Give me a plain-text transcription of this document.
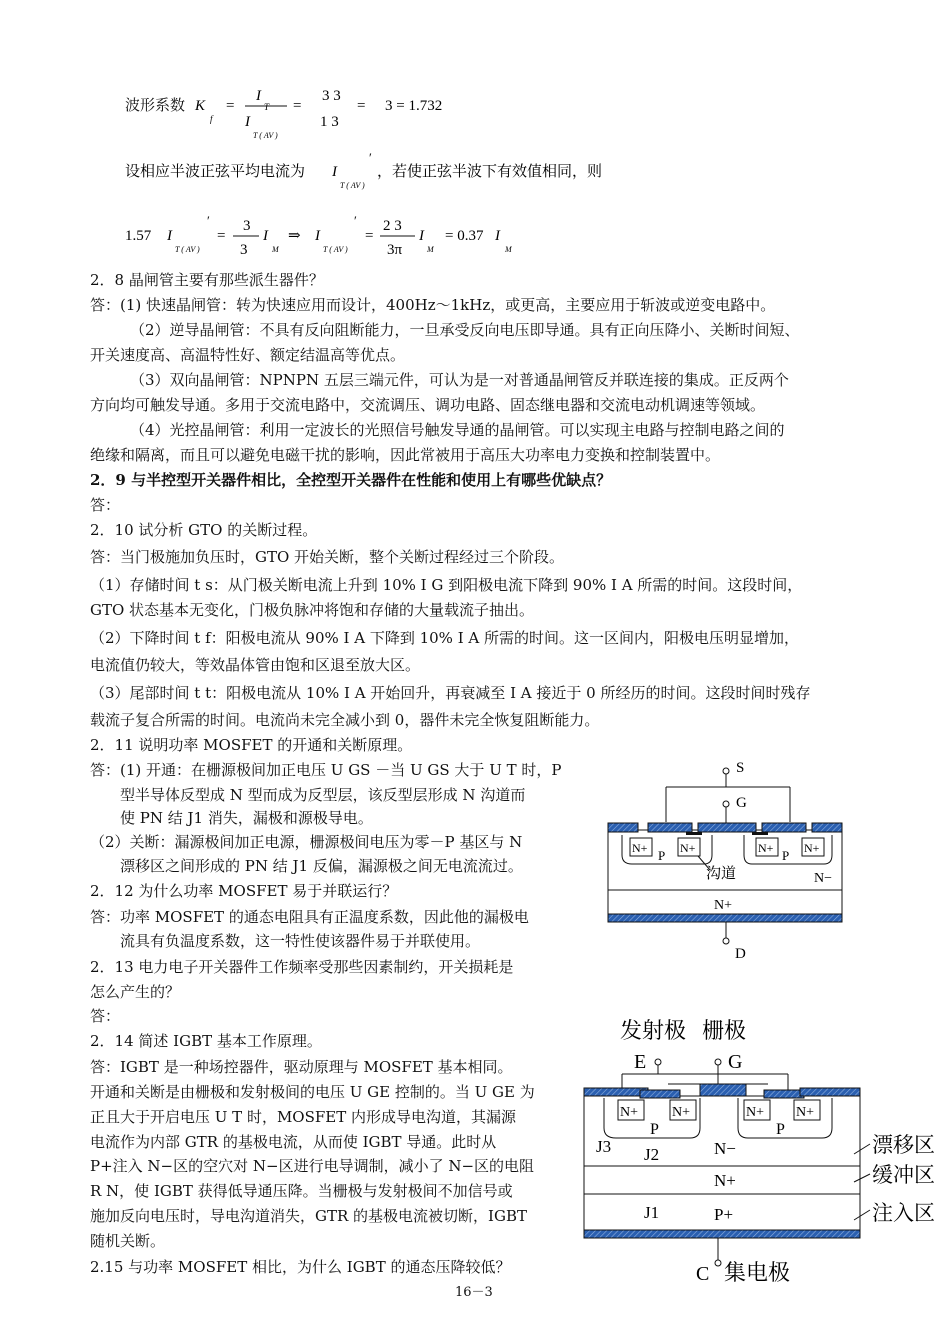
波形系数 K
f
=
I
T
I
T ( AV )
=
3 3
1 3
= 3 = 1.732
设相应半波正弦平均电流为 I
′
T ( AV )
，若使正弦半波下有效值相同，则
1.57 I
′
T ( AV )
=
3
3
I
M
⇒ I
′
T ( AV )
=
2 3
3π
I
M
= 0.37 I
M
2．8 晶闸管主要有那些派生器件？
答：(1) 快速晶闸管：转为快速应用而设计，400Hz～1kHz，或更高，主要应用于斩波或逆变电路中。
（2）逆导晶闸管：不具有反向阻断能力，一旦承受反向电压即导通。具有正向压降小、关断时间短、
开关速度高、高温特性好、额定结温高等优点。
（3）双向晶闸管：NPNPN 五层三端元件，可认为是一对普通晶闸管反并联连接的集成。正反两个
方向均可触发导通。多用于交流电路中，交流调压、调功电路、固态继电器和交流电动机调速等领域。
（4）光控晶闸管：利用一定波长的光照信号触发导通的晶闸管。可以实现主电路与控制电路之间的
绝缘和隔离，而且可以避免电磁干扰的影响，因此常被用于高压大功率电力变换和控制装置中。
2．9 与半控型开关器件相比，全控型开关器件在性能和使用上有哪些优缺点？
答：
2．10 试分析 GTO 的关断过程。
答：当门极施加负压时，GTO 开始关断，整个关断过程经过三个阶段。
（1）存储时间 t s：从门极关断电流上升到 10% I G 到阳极电流下降到 90% I A 所需的时间。这段时间，
GTO 状态基本无变化，门极负脉冲将饱和存储的大量载流子抽出。
（2）下降时间 t f：阳极电流从 90% I A 下降到 10% I A 所需的时间。这一区间内，阳极电压明显增加，
电流值仍较大，等效晶体管由饱和区退至放大区。
（3）尾部时间 t t：阳极电流从 10% I A 开始回升，再衰减至 I A 接近于 0 所经历的时间。这段时间时残存
载流子复合所需的时间。电流尚未完全减小到 0，器件未完全恢复阻断能力。
2．11 说明功率 MOSFET 的开通和关断原理。
答：(1) 开通：在栅源极间加正电压 U GS －当 U GS 大于 U T 时，P
型半导体反型成 N 型而成为反型层，该反型层形成 N 沟道而
使 PN 结 J1 消失，漏极和源极导电。
（2）关断：漏源极间加正电源，栅源极间电压为零－P 基区与 N
漂移区之间形成的 PN 结 J1 反偏，漏源极之间无电流流过。
2．12 为什么功率 MOSFET 易于并联运行？
答：功率 MOSFET 的通态电阻具有正温度系数，因此他的漏极电
流具有负温度系数，这一特性使该器件易于并联使用。
2．13 电力电子开关器件工作频率受那些因素制约，开关损耗是
怎么产生的？
答：
2．14 简述 IGBT 基本工作原理。
答：IGBT 是一种场控器件，驱动原理与 MOSFET 基本相同。
开通和关断是由栅极和发射极间的电压 U GE 控制的。当 U GE 为
正且大于开启电压 U T 时，MOSFET 内形成导电沟道，其漏源
电流作为内部 GTR 的基极电流，从而使 IGBT 导通。此时从
P+注入 N−区的空穴对 N−区进行电导调制，减小了 N−区的电阻
R N，使 IGBT 获得低导通压降。当栅极与发射极间不加信号或
施加反向电压时，导电沟道消失，GTR 的基极电流被切断，IGBT
随机关断。
2.15 与功率 MOSFET 相比，为什么 IGBT 的通态压降较低？
S
G
N+	N+	N+	N+
P	P
沟道	N−
N+
D
发射极 栅极
E	G
N+ N+	N+ N+
P	P
J3 J2	N−
N+
J1	P+
漂移区
缓冲区
注入区
C 集电极
16－3
